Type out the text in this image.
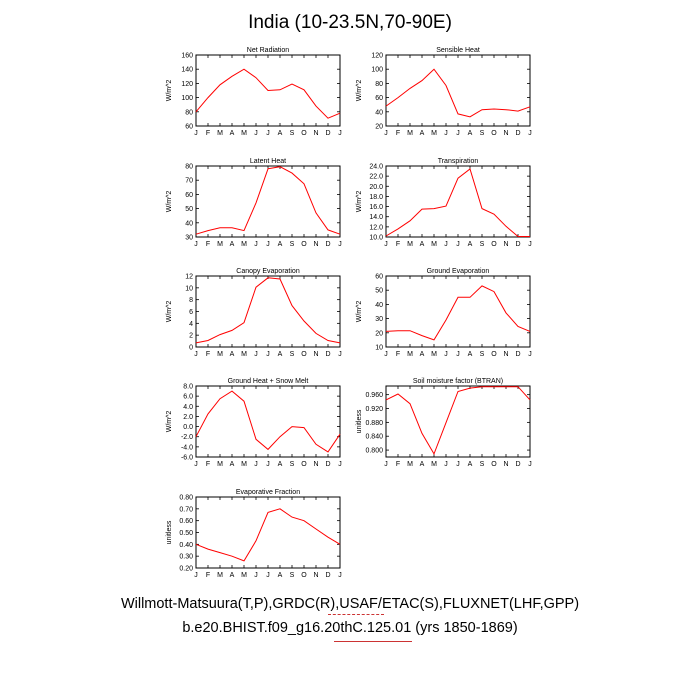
India (10-23.5N,70-90E)
Net Radiation
W/m^2
60
80
100
120
140
160
J F M A M J J A S O N D J
Sensible Heat
W/m^2
20
40
60
80
100
120
J F M A M J J A S O N D J
Latent Heat
W/m^2
30
40
50
60
70
80
J F M A M J J A S O N D J
Transpiration
W/m^2
10.0
12.0
14.0
16.0
18.0
20.0
22.0
24.0
J F M A M J J A S O N D J
Canopy Evaporation
W/m^2
0
2
4
6
8
10
12
J F M A M J J A S O N D J
Ground Evaporation
W/m^2
10
20
30
40
50
60
J F M A M J J A S O N D J
Ground Heat + Snow Melt
W/m^2
-6.0
-4.0
-2.0
0.0
2.0
4.0
6.0
8.0
J F M A M J J A S O N D J
Soil moisture factor (BTRAN)
unitless
0.800
0.840
0.880
0.920
0.960
J F M A M J J A S O N D J
Evaporative Fraction
unitless
0.20
0.30
0.40
0.50
0.60
0.70
0.80
J F M A M J J A S O N D J
Willmott-Matsuura(T,P),GRDC(R),USAF/ETAC(S),FLUXNET(LHF,GPP)
b.e20.BHIST.f09_g16.20thC.125.01 (yrs 1850-1869)
